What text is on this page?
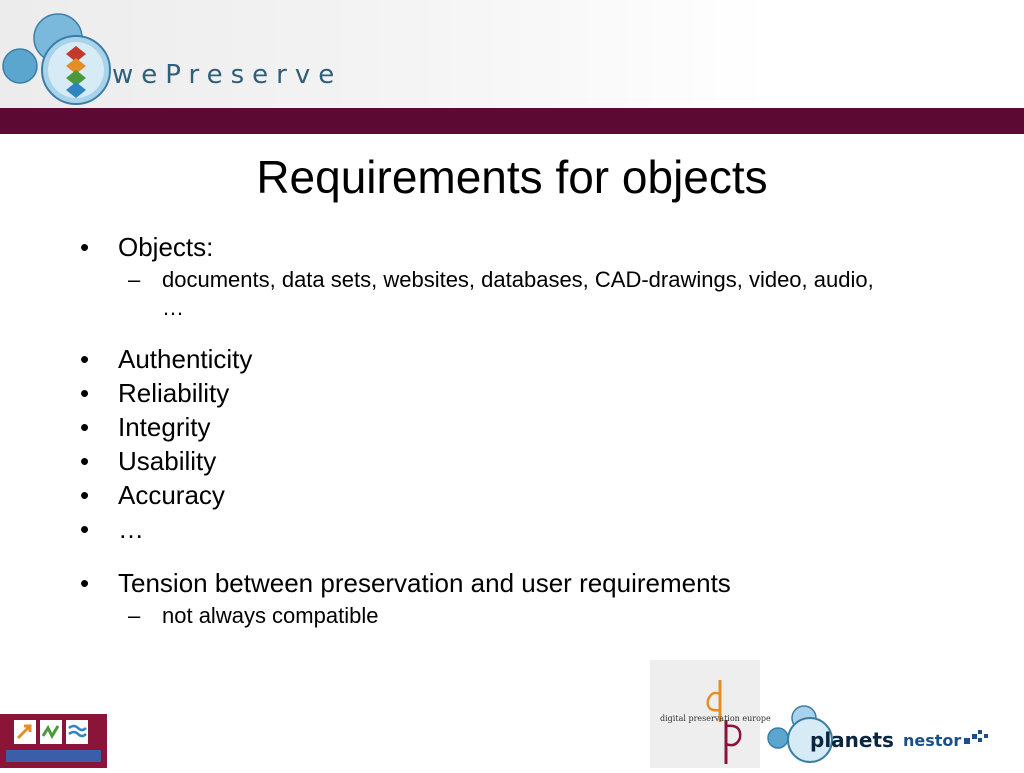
wePreserve
Requirements for objects
• Objects:
– documents, data sets, websites, databases, CAD-drawings, video, audio,
…
• Authenticity
• Reliability
• Integrity
• Usability
• Accuracy
• …
• Tension between preservation and user requirements
– not always compatible
digital preservation europe
planets nestor
